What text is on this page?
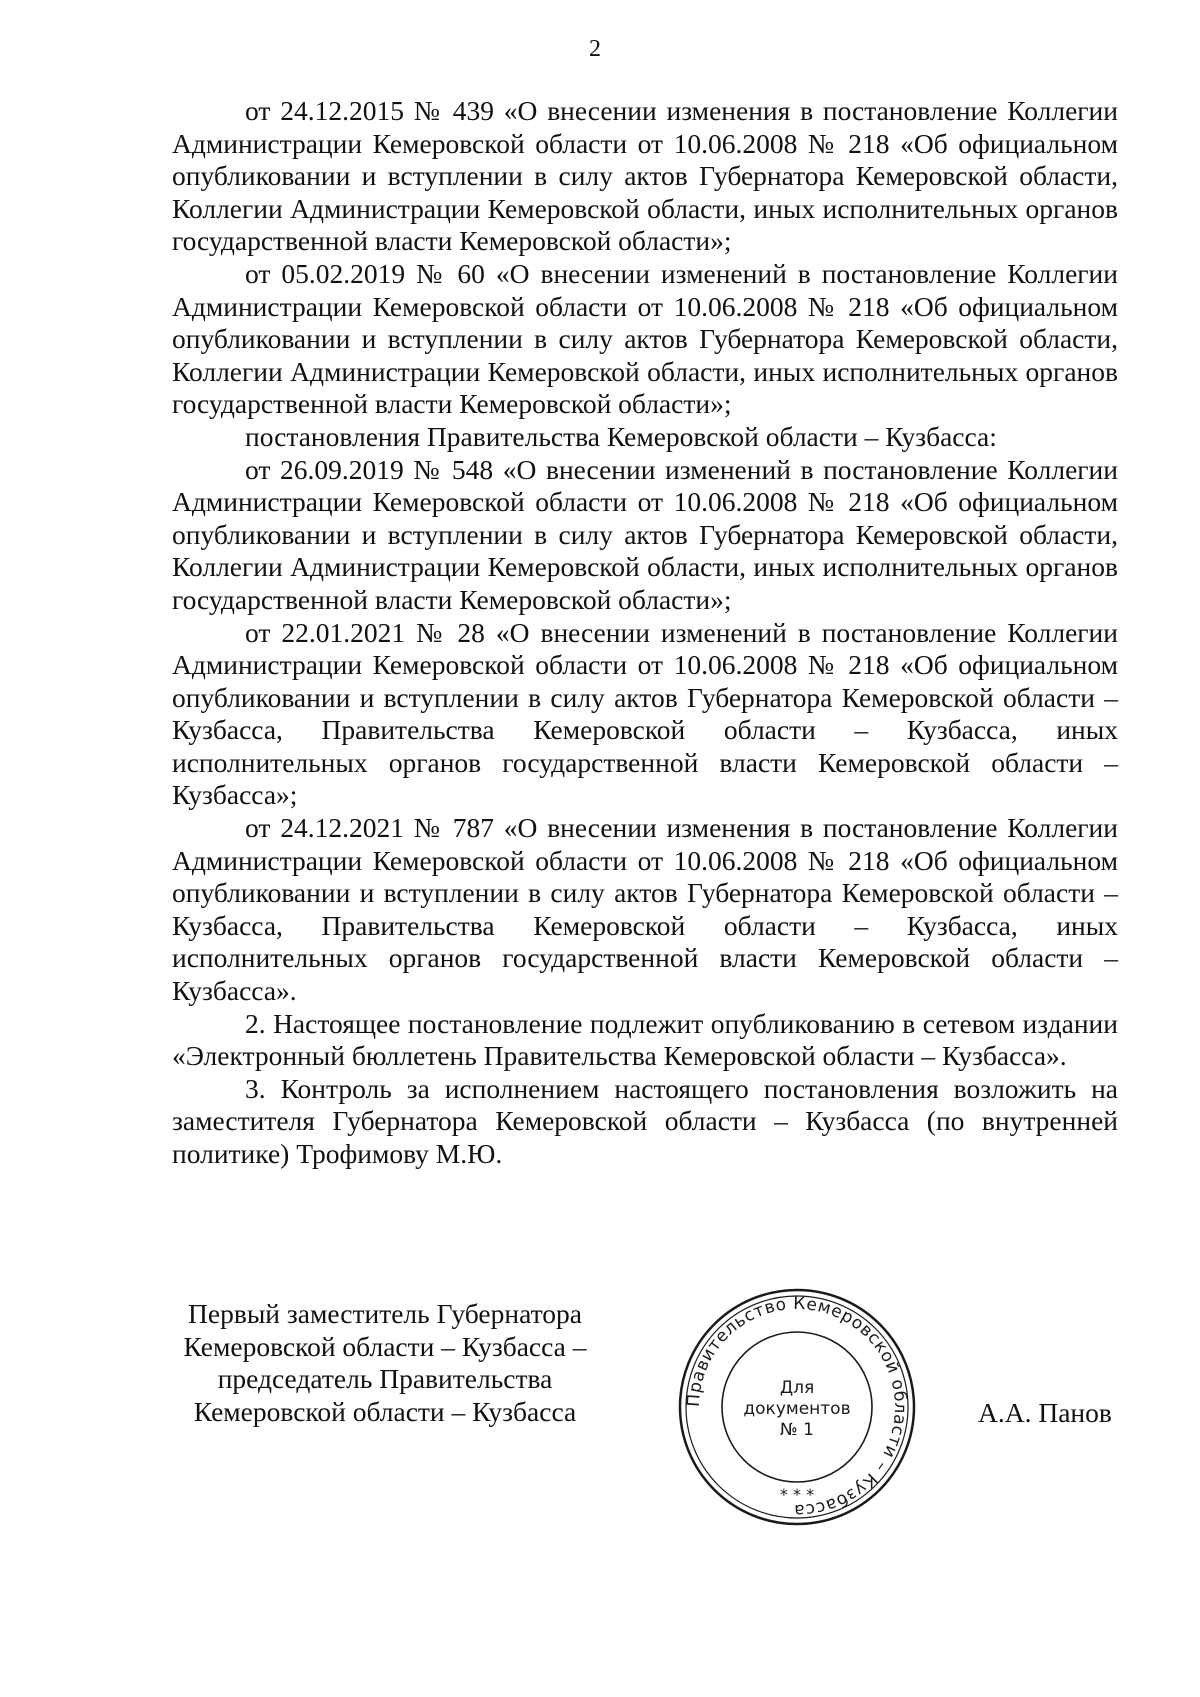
2

от 24.12.2015 № 439 «О внесении изменения в постановление Коллегии Администрации Кемеровской области от 10.06.2008 № 218 «Об официальном опубликовании и вступлении в силу актов Губернатора Кемеровской области, Коллегии Администрации Кемеровской области, иных исполнительных органов государственной власти Кемеровской области»;

от 05.02.2019 № 60 «О внесении изменений в постановление Коллегии Администрации Кемеровской области от 10.06.2008 № 218 «Об официальном опубликовании и вступлении в силу актов Губернатора Кемеровской области, Коллегии Администрации Кемеровской области, иных исполнительных органов государственной власти Кемеровской области»;

постановления Правительства Кемеровской области – Кузбасса:

от 26.09.2019 № 548 «О внесении изменений в постановление Коллегии Администрации Кемеровской области от 10.06.2008 № 218 «Об официальном опубликовании и вступлении в силу актов Губернатора Кемеровской области, Коллегии Администрации Кемеровской области, иных исполнительных органов государственной власти Кемеровской области»;

от 22.01.2021 № 28 «О внесении изменений в постановление Коллегии Администрации Кемеровской области от 10.06.2008 № 218 «Об официальном опубликовании и вступлении в силу актов Губернатора Кемеровской области – Кузбасса, Правительства Кемеровской области – Кузбасса, иных исполнительных органов государственной власти Кемеровской области – Кузбасса»;

от 24.12.2021 № 787 «О внесении изменения в постановление Коллегии Администрации Кемеровской области от 10.06.2008 № 218 «Об официальном опубликовании и вступлении в силу актов Губернатора Кемеровской области – Кузбасса, Правительства Кемеровской области – Кузбасса, иных исполнительных органов государственной власти Кемеровской области – Кузбасса».

2. Настоящее постановление подлежит опубликованию в сетевом издании «Электронный бюллетень Правительства Кемеровской области – Кузбасса».

3. Контроль за исполнением настоящего постановления возложить на заместителя Губернатора Кемеровской области – Кузбасса (по внутренней политике) Трофимову М.Ю.

Первый заместитель Губернатора
Кемеровской области – Кузбасса –
председатель Правительства
Кемеровской области – Кузбасса	Правительство Кемеровской области – Кузбасса
Для
документов
№ 1
* * *
А.А. Панов
